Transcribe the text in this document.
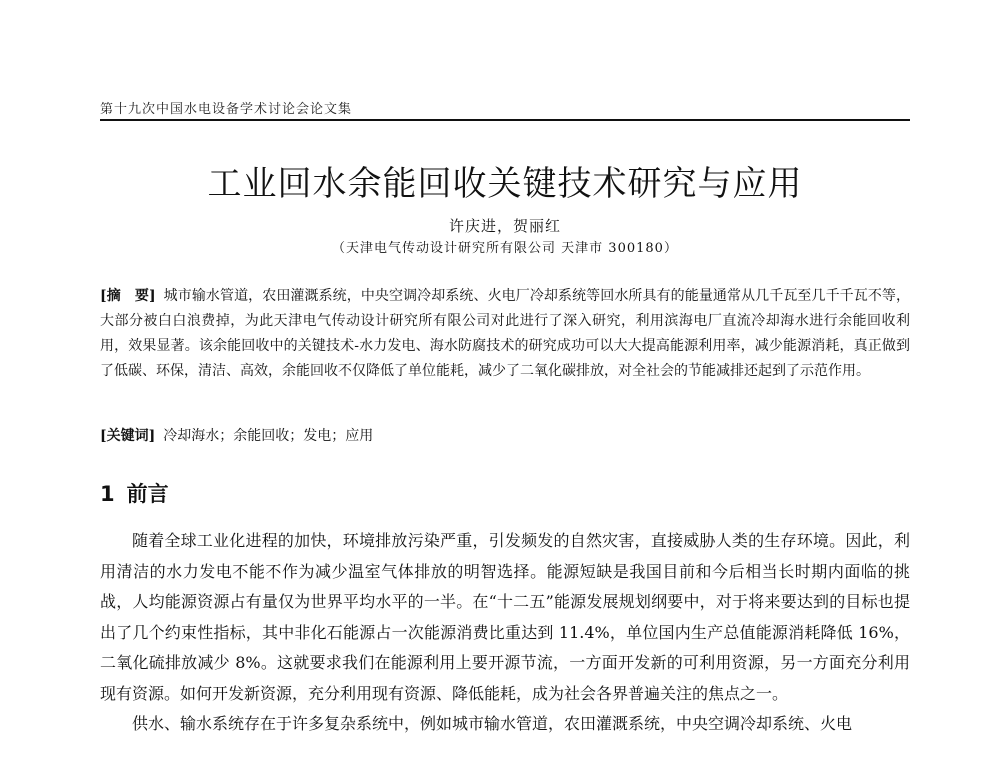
第十九次中国水电设备学术讨论会论文集
工业回水余能回收关键技术研究与应用
许庆进，贺丽红
（天津电气传动设计研究所有限公司 天津市 300180）
[摘　要] 城市输水管道，农田灌溉系统，中央空调冷却系统、火电厂冷却系统等回水所具有的能量通常从几千瓦至几千千瓦不等，大部分被白白浪费掉，为此天津电气传动设计研究所有限公司对此进行了深入研究，利用滨海电厂直流冷却海水进行余能回收利用，效果显著。该余能回收中的关键技术-水力发电、海水防腐技术的研究成功可以大大提高能源利用率，减少能源消耗，真正做到了低碳、环保，清洁、高效，余能回收不仅降低了单位能耗，减少了二氧化碳排放，对全社会的节能减排还起到了示范作用。
[关键词] 冷却海水；余能回收；发电；应用
1 前言

随着全球工业化进程的加快，环境排放污染严重，引发频发的自然灾害，直接威胁人类的生存环境。因此，利用清洁的水力发电不能不作为减少温室气体排放的明智选择。能源短缺是我国目前和今后相当长时期内面临的挑战，人均能源资源占有量仅为世界平均水平的一半。在“十二五”能源发展规划纲要中，对于将来要达到的目标也提出了几个约束性指标，其中非化石能源占一次能源消费比重达到 11.4%，单位国内生产总值能源消耗降低 16%，二氧化硫排放减少 8%。这就要求我们在能源利用上要开源节流，一方面开发新的可利用资源，另一方面充分利用现有资源。如何开发新资源，充分利用现有资源、降低能耗，成为社会各界普遍关注的焦点之一。

供水、输水系统存在于许多复杂系统中，例如城市输水管道，农田灌溉系统，中央空调冷却系统、火电
